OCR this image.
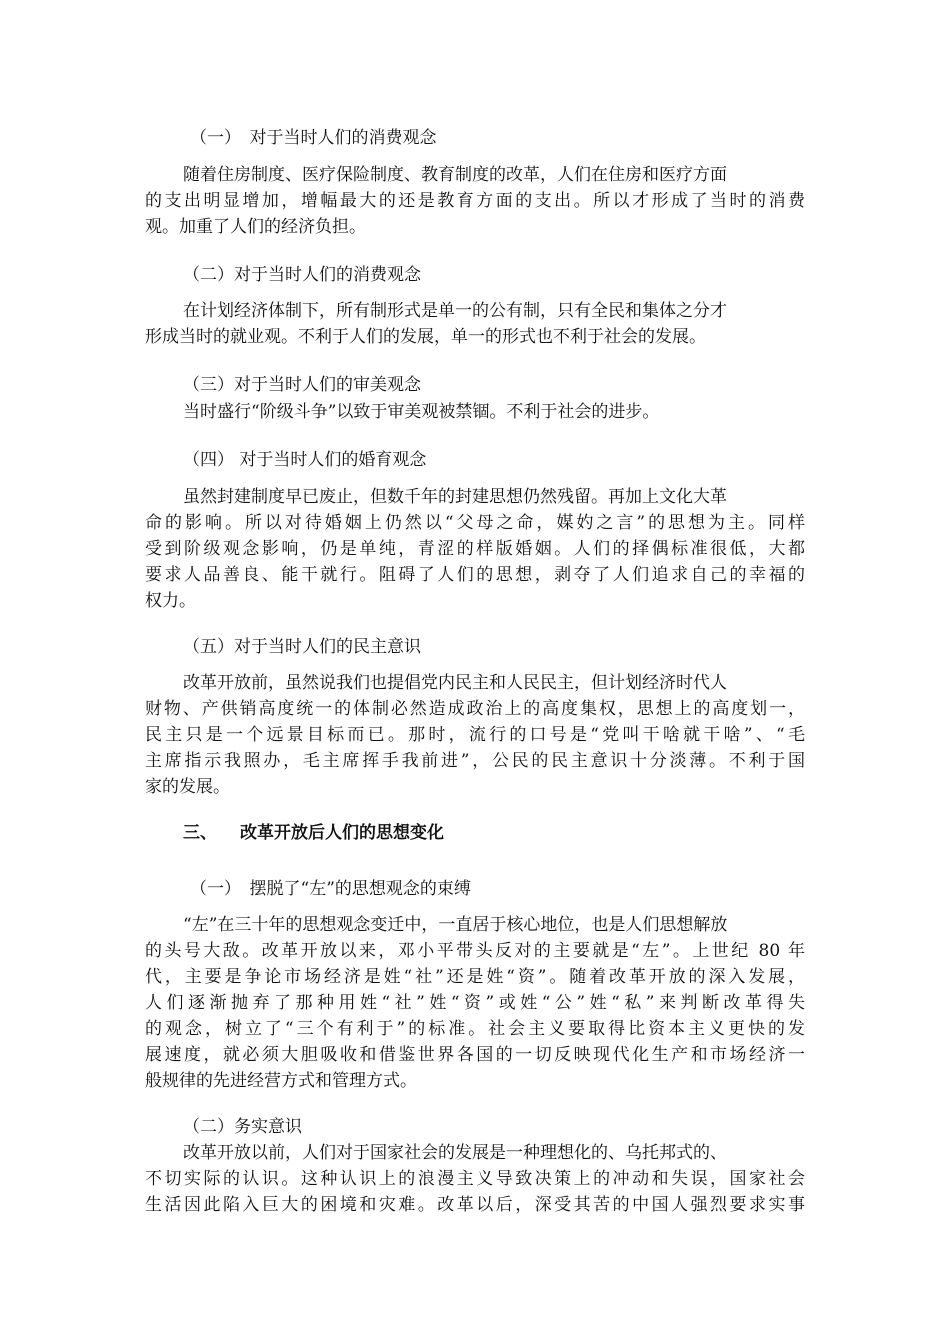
（一）　对于当时人们的消费观念
随着住房制度、医疗保险制度、教育制度的改革，人们在住房和医疗方面
的支出明显增加，增幅最大的还是教育方面的支出。所以才形成了当时的消费
观。加重了人们的经济负担。
（二）对于当时人们的消费观念
在计划经济体制下，所有制形式是单一的公有制，只有全民和集体之分才
形成当时的就业观。不利于人们的发展，单一的形式也不利于社会的发展。
（三）对于当时人们的审美观念
当时盛行“阶级斗争”以致于审美观被禁锢。不利于社会的进步。
（四） 对于当时人们的婚育观念
虽然封建制度早已废止，但数千年的封建思想仍然残留。再加上文化大革
命的影响。所以对待婚姻上仍然以“父母之命，媒妁之言”的思想为主。同样
受到阶级观念影响，仍是单纯，青涩的样版婚姻。人们的择偶标准很低，大都
要求人品善良、能干就行。阻碍了人们的思想，剥夺了人们追求自己的幸福的
权力。
（五）对于当时人们的民主意识
改革开放前，虽然说我们也提倡党内民主和人民民主，但计划经济时代人
财物、产供销高度统一的体制必然造成政治上的高度集权，思想上的高度划一，
民主只是一个远景目标而已。那时，流行的口号是“党叫干啥就干啥”、“毛
主席指示我照办，毛主席挥手我前进”，公民的民主意识十分淡薄。不利于国
家的发展。
三、 改革开放后人们的思想变化
（一）　摆脱了“左”的思想观念的束缚
“左”在三十年的思想观念变迁中，一直居于核心地位，也是人们思想解放
的头号大敌。改革开放以来，邓小平带头反对的主要就是“左”。上世纪 80 年
代，主要是争论市场经济是姓“社”还是姓“资”。随着改革开放的深入发展，
人们逐渐抛弃了那种用姓“社”姓“资”或姓“公”姓“私”来判断改革得失
的观念，树立了“三个有利于”的标准。社会主义要取得比资本主义更快的发
展速度，就必须大胆吸收和借鉴世界各国的一切反映现代化生产和市场经济一
般规律的先进经营方式和管理方式。
（二）务实意识
改革开放以前，人们对于国家社会的发展是一种理想化的、乌托邦式的、
不切实际的认识。这种认识上的浪漫主义导致决策上的冲动和失误，国家社会
生活因此陷入巨大的困境和灾难。改革以后，深受其苦的中国人强烈要求实事
